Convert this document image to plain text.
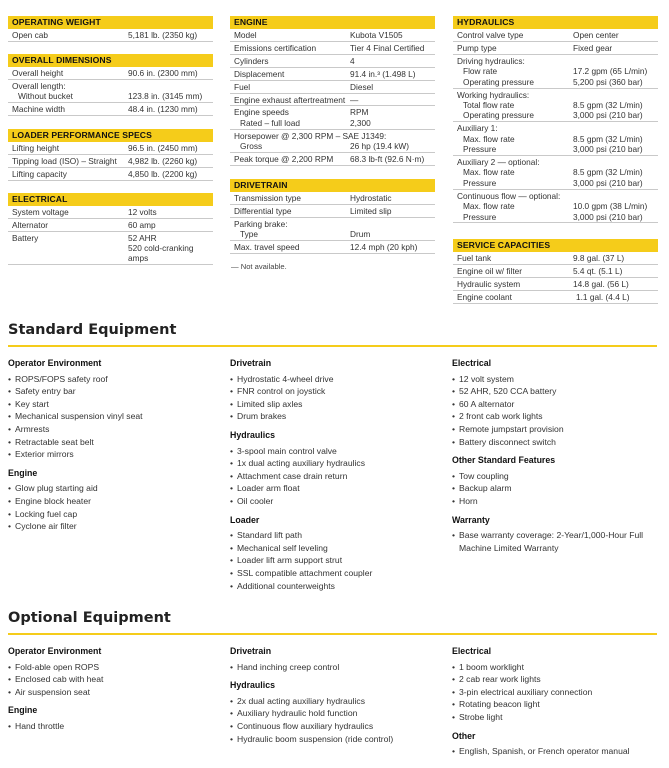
OPERATING WEIGHT
Open cab	5,181 lb. (2350 kg)
OVERALL DIMENSIONS
Overall height	90.6 in. (2300 mm)
Overall length:
Without bucket	123.8 in. (3145 mm)
Machine width	48.4 in. (1230 mm)
LOADER PERFORMANCE SPECS
Lifting height	96.5 in. (2450 mm)
Tipping load (ISO) – Straight	4,982 lb. (2260 kg)
Lifting capacity	4,850 lb. (2200 kg)
ELECTRICAL
System voltage	12 volts
Alternator	60 amp
Battery	52 AHR
520 cold-cranking
amps
ENGINE
Model	Kubota V1505
Emissions certification	Tier 4 Final Certified
Cylinders	4
Displacement	91.4 in.³ (1.498 L)
Fuel	Diesel
Engine exhaust aftertreatment —
Engine speeds	RPM
Rated – full load	2,300
Horsepower @ 2,300 RPM – SAE J1349:
Gross	26 hp (19.4 kW)
Peak torque @ 2,200 RPM	68.3 lb-ft (92.6 N·m)
DRIVETRAIN
Transmission type	Hydrostatic
Differential type	Limited slip
Parking brake:
Type	Drum
Max. travel speed	12.4 mph (20 kph)
— Not available.
HYDRAULICS
Control valve type	Open center
Pump type	Fixed gear
Driving hydraulics:
Flow rate	17.2 gpm (65 L/min)
Operating pressure	5,200 psi (360 bar)
Working hydraulics:
Total flow rate	8.5 gpm (32 L/min)
Operating pressure	3,000 psi (210 bar)
Auxiliary 1:
Max. flow rate	8.5 gpm (32 L/min)
Pressure	3,000 psi (210 bar)
Auxiliary 2 — optional:
Max. flow rate	8.5 gpm (32 L/min)
Pressure	3,000 psi (210 bar)
Continuous flow — optional:
Max. flow rate	10.0 gpm (38 L/min)
Pressure	3,000 psi (210 bar)
SERVICE CAPACITIES
Fuel tank	9.8 gal. (37 L)
Engine oil w/ filter	5.4 qt. (5.1 L)
Hydraulic system	14.8 gal. (56 L)
Engine coolant	1.1 gal. (4.4 L)
Standard Equipment
Operator Environment
• ROPS/FOPS safety roof
• Safety entry bar
• Key start
• Mechanical suspension vinyl seat
• Armrests
• Retractable seat belt
• Exterior mirrors
Engine
• Glow plug starting aid
• Engine block heater
• Locking fuel cap
• Cyclone air filter
Drivetrain
• Hydrostatic 4-wheel drive
• FNR control on joystick
• Limited slip axles
• Drum brakes
Hydraulics
• 3-spool main control valve
• 1x dual acting auxiliary hydraulics
• Attachment case drain return
• Loader arm float
• Oil cooler
Loader
• Standard lift path
• Mechanical self leveling
• Loader lift arm support strut
• SSL compatible attachment coupler
• Additional counterweights
Electrical
• 12 volt system
• 52 AHR, 520 CCA battery
• 60 A alternator
• 2 front cab work lights
• Remote jumpstart provision
• Battery disconnect switch
Other Standard Features
• Tow coupling
• Backup alarm
• Horn
Warranty
• Base warranty coverage: 2-Year/1,000-Hour Full Machine Limited Warranty
Optional Equipment
Operator Environment
• Fold-able open ROPS
• Enclosed cab with heat
• Air suspension seat
Engine
• Hand throttle
Drivetrain
• Hand inching creep control
Hydraulics
• 2x dual acting auxiliary hydraulics
• Auxiliary hydraulic hold function
• Continuous flow auxiliary hydraulics
• Hydraulic boom suspension (ride control)
Electrical
• 1 boom worklight
• 2 cab rear work lights
• 3-pin electrical auxiliary connection
• Rotating beacon light
• Strobe light
Other
• English, Spanish, or French operator manual
